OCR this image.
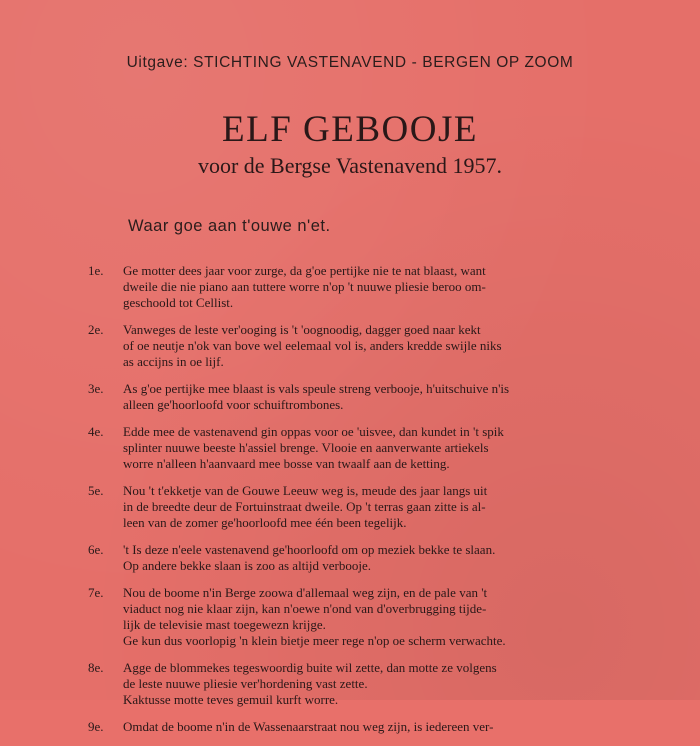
Uitgave: STICHTING VASTENAVEND - BERGEN OP ZOOM
ELF GEBOOJE
voor de Bergse Vastenavend 1957.
Waar goe aan t'ouwe n'et.
1e.	Ge motter dees jaar voor zurge, da g'oe pertijke nie te nat blaast, want
dweile die nie piano aan tuttere worre n'op 't nuuwe pliesie beroo om-
geschoold tot Cellist.
2e.	Vanweges de leste ver'ooging is 't 'oognoodig, dagger goed naar kekt
of oe neutje n'ok van bove wel eelemaal vol is, anders kredde swijle niks
as accijns in oe lijf.
3e.	As g'oe pertijke mee blaast is vals speule streng verbooje, h'uitschuive n'is
alleen ge'hoorloofd voor schuiftrombones.
4e.	Edde mee de vastenavend gin oppas voor oe 'uisvee, dan kundet in 't spik
splinter nuuwe beeste h'assiel brenge. Vlooie en aanverwante artiekels
worre n'alleen h'aanvaard mee bosse van twaalf aan de ketting.
5e.	Nou 't t'ekketje van de Gouwe Leeuw weg is, meude des jaar langs uit
in de breedte deur de Fortuinstraat dweile. Op 't terras gaan zitte is al-
leen van de zomer ge'hoorloofd mee één been tegelijk.
6e.	't Is deze n'eele vastenavend ge'hoorloofd om op meziek bekke te slaan.
Op andere bekke slaan is zoo as altijd verbooje.
7e.	Nou de boome n'in Berge zoowa d'allemaal weg zijn, en de pale van 't
viaduct nog nie klaar zijn, kan n'oewe n'ond van d'overbrugging tijde-
lijk de televisie mast toegewezn krijge.
Ge kun dus voorlopig 'n klein bietje meer rege n'op oe scherm verwachte.
8e.	Agge de blommekes tegeswoordig buite wil zette, dan motte ze volgens
de leste nuuwe pliesie ver'hordening vast zette.
Kaktusse motte teves gemuil kurft worre.
9e.	Omdat de boome n'in de Wassenaarstraat nou weg zijn, is iedereen ver-
